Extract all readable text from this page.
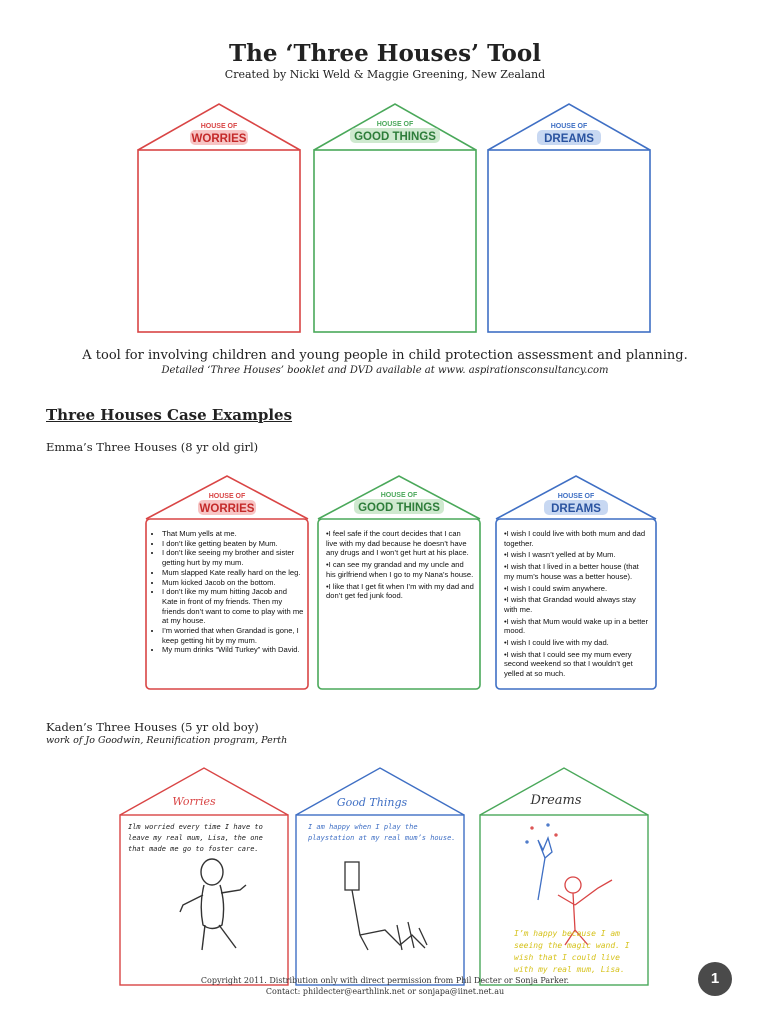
The ‘Three Houses’ Tool
Created by Nicki Weld & Maggie Greening, New Zealand
HOUSE OF
WORRIES
HOUSE OF
GOOD THINGS
HOUSE OF
DREAMS
HOUSE OF
WORRIES
HOUSE OF
GOOD THINGS
HOUSE OF
DREAMS
Worries	Good Things	Dreams
A tool for involving children and young people in child protection assessment and planning.
Detailed ‘Three Houses’ booklet and DVD available at www. aspirationsconsultancy.com
Three Houses Case Examples
Emma’s Three Houses (8 yr old girl)
• That Mum yells at me.
• I don’t like getting beaten by Mum.
• I don’t like seeing my brother and sister getting hurt by my mum.
• Mum slapped Kate really hard on the leg.
• Mum kicked Jacob on the bottom.
• I don’t like my mum hitting Jacob and Kate in front of my friends. Then my friends don’t want to come to play with me at my house.
• I’m worried that when Grandad is gone, I keep getting hit by my mum.
• My mum drinks “Wild Turkey” with David.

•I feel safe if the court decides that I can live with my dad because he doesn’t have any drugs and I won’t get hurt at his place.

•I can see my grandad and my uncle and his girlfriend when I go to my Nana’s house.

•I like that I get fit when I’m with my dad and don’t get fed junk food.

•I wish I could live with both mum and dad together.

•I wish I wasn’t yelled at by Mum.

•I wish that I lived in a better house (that my mum’s house was a better house).

•I wish I could swim anywhere.

•I wish that Grandad would always stay with me.

•I wish that Mum would wake up in a better mood.

•I wish I could live with my dad.

•I wish that I could see my mum every second weekend so that I wouldn’t get yelled at so much.

Kaden’s Three Houses (5 yr old boy)
work of Jo Goodwin, Reunification program, Perth
Ilm worried every time I have to leave my real mum, Lisa, the one that made me go to foster care.
I am happy when I play the playstation at my real mum’s house.
I’m happy because I am seeing the magic wand. I wish that I could live with my real mum, Lisa.
Copyright 2011. Distribution only with direct permission from Phil Decter or Sonja Parker.
Contact: phildecter@earthlink.net or sonjapa@iinet.net.au
1
